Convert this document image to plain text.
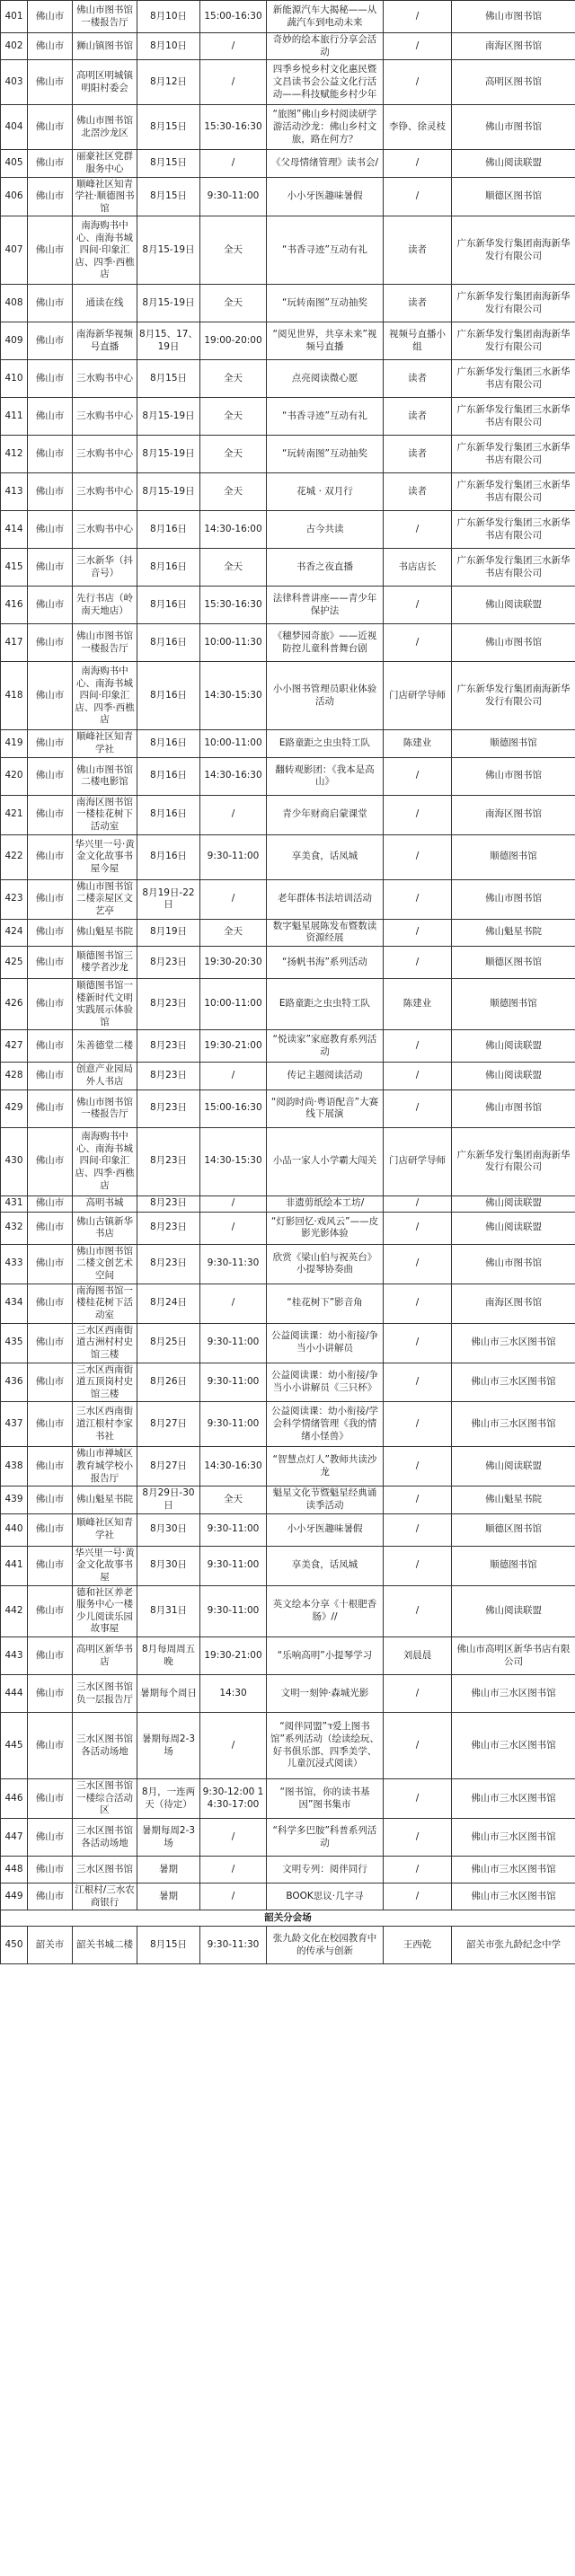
401	佛山市	佛山市图书馆一楼报告厅	8月10日	15:00-16:30	新能源汽车大揭秘——从蔬汽车到电动未来	/	佛山市图书馆
402	佛山市	狮山镇图书馆	8月10日	/	奇妙的绘本旅行分享会活动	/	南海区图书馆
403	佛山市	高明区明城镇明阳村委会	8月12日	/	四季乡悦乡村文化惠民暨文昌读书会公益文化行活动——科技赋能乡村少年	/	高明区图书馆
404	佛山市	佛山市图书馆北滘沙龙区	8月15日	15:30-16:30	“旅图”佛山乡村阅读研学游活动沙龙：佛山乡村文旅，路在何方？	李铮、徐灵枝	佛山市图书馆
405	佛山市	丽豪社区党群服务中心	8月15日	/	《父母情绪管理》读书会/	/	佛山阅读联盟
406	佛山市	顺峰社区知青学社·顺德图书馆	8月15日	9:30-11:00	小小牙医趣味暑假	/	顺德区图书馆
407	佛山市	南海购书中心、南海书城四间·印象汇店、四季·西樵店	8月15-19日	全天	“书香寻迹”互动有礼	读者	广东新华发行集团南海新华发行有限公司
408	佛山市	通读在线	8月15-19日	全天	“玩转南图”互动抽奖	读者	广东新华发行集团南海新华发行有限公司
409	佛山市	南海新华视频号直播	8月15、17、19日	19:00-20:00	“阅见世界，共享未来”视频号直播	视频号直播小组	广东新华发行集团南海新华发行有限公司
410	佛山市	三水购书中心	8月15日	全天	点亮阅读微心愿	读者	广东新华发行集团三水新华书店有限公司
411	佛山市	三水购书中心	8月15-19日	全天	“书香寻迹”互动有礼	读者	广东新华发行集团三水新华书店有限公司
412	佛山市	三水购书中心	8月15-19日	全天	“玩转南图”互动抽奖	读者	广东新华发行集团三水新华书店有限公司
413	佛山市	三水购书中心	8月15-19日	全天	花城 · 双月行	读者	广东新华发行集团三水新华书店有限公司
414	佛山市	三水购书中心	8月16日	14:30-16:00	古今共读	/	广东新华发行集团三水新华书店有限公司
415	佛山市	三水新华（抖音号）	8月16日	全天	书香之夜直播	书店店长	广东新华发行集团三水新华书店有限公司
416	佛山市	先行书店（岭南天地店）	8月16日	15:30-16:30	法律科普讲座——青少年保护法	/	佛山阅读联盟
417	佛山市	佛山市图书馆一楼报告厅	8月16日	10:00-11:30	《穗梦园奇旅》——近视防控儿童科普舞台剧	/	佛山市图书馆
418	佛山市	南海购书中心、南海书城四间·印象汇店、四季·西樵店	8月16日	14:30-15:30	小小图书管理员职业体验活动	门店研学导师	广东新华发行集团南海新华发行有限公司
419	佛山市	顺峰社区知青学社	8月16日	10:00-11:00	E路童距之虫虫特工队	陈建业	顺德图书馆
420	佛山市	佛山市图书馆二楼电影馆	8月16日	14:30-16:30	翻转观影团：《我本是高山》	/	佛山市图书馆
421	佛山市	南海区图书馆一楼桂花树下活动室	8月16日	/	青少年财商启蒙课堂	/	南海区图书馆
422	佛山市	华兴里一号·黄金文化故事书屋今屋	8月16日	9:30-11:00	享美食，话凤城	/	顺德图书馆
423	佛山市	佛山市图书馆二楼亲屋区文艺亭	8月19日-22日	/	老年群体书法培训活动	/	佛山市图书馆
424	佛山市	佛山魁星书院	8月19日	全天	数字魁星展陈发布暨数读资源经展	/	佛山魁星书院
425	佛山市	顺德图书馆三楼学者沙龙	8月23日	19:30-20:30	“扬帆书海”系列活动	/	顺德区图书馆
426	佛山市	顺德图书馆一楼新时代文明实践展示体验馆	8月23日	10:00-11:00	E路童距之虫虫特工队	陈建业	顺德图书馆
427	佛山市	朱善德堂二楼	8月23日	19:30-21:00	“悦读家”家庭教育系列活动	/	佛山阅读联盟
428	佛山市	创意产业园局外人书店	8月23日	/	传记主题阅读活动	/	佛山阅读联盟
429	佛山市	佛山市图书馆一楼报告厅	8月23日	15:00-16:30	“阅韵时尚·粤语配音”大赛线下展演	/	佛山市图书馆
430	佛山市	南海购书中心、南海书城四间·印象汇店、四季·西樵店	8月23日	14:30-15:30	小品一家人小学霸大闯关	门店研学导师	广东新华发行集团南海新华发行有限公司
431	佛山市	高明书城	8月23日	/	非遗剪纸绘本工坊/	/	佛山阅读联盟
432	佛山市	佛山古镇新华书店	8月23日	/	“灯影回忆·戏风云”——皮影光影体验	/	佛山阅读联盟
433	佛山市	佛山市图书馆二楼文创艺术空间	8月23日	9:30-11:30	欣赏《梁山伯与祝英台》小提琴协奏曲	/	佛山市图书馆
434	佛山市	南海图书馆一楼桂花树下活动室	8月24日	/	“桂花树下”影音角	/	南海区图书馆
435	佛山市	三水区西南街道古洲村村史馆三楼	8月25日	9:30-11:00	公益阅读课：幼小衔接/争当小小讲解员	/	佛山市三水区图书馆
436	佛山市	三水区西南街道五顶岗村史馆三楼	8月26日	9:30-11:00	公益阅读课：幼小衔接/争当小小讲解员《三只杯》	/	佛山市三水区图书馆
437	佛山市	三水区西南街道江根村李家书社	8月27日	9:30-11:00	公益阅读课：幼小衔接/学会科学情绪管理《我的情绪小怪兽》	/	佛山市三水区图书馆
438	佛山市	佛山市禅城区教育城学校小报告厅	8月27日	14:30-16:30	“智慧点灯人”教师共读沙龙	/	佛山阅读联盟
439	佛山市	佛山魁星书院	8月29日-30日	全天	魁星文化节暨魁星经典诵读季活动	/	佛山魁星书院
440	佛山市	顺峰社区知青学社	8月30日	9:30-11:00	小小牙医趣味暑假	/	顺德区图书馆
441	佛山市	华兴里一号·黄金文化故事书屋	8月30日	9:30-11:00	享美食，话凤城	/	顺德图书馆
442	佛山市	德和社区养老服务中心一楼少儿阅读乐园故事屋	8月31日	9:30-11:00	英文绘本分享《十根肥香肠》//	/	佛山阅读联盟
443	佛山市	高明区新华书店	8月每周周五晚	19:30-21:00	“乐响高明”小提琴学习	刘晨晨	佛山市高明区新华书店有限公司
444	佛山市	三水区图书馆负一层报告厅	暑期每个周日	14:30	文明一刻钟·森城光影	/	佛山市三水区图书馆
445	佛山市	三水区图书馆各活动场地	暑期每周2-3场	/	“阅伴同盟”ד爱上图书馆”系列活动（绘读绘玩、好书俱乐部、四季美学、儿童沉浸式阅读）	/	佛山市三水区图书馆
446	佛山市	三水区图书馆一楼综合活动区	8月，一连两天（待定）	9:30-12:00 14:30-17:00	“图书馆，你的读书基因”图书集市	/	佛山市三水区图书馆
447	佛山市	三水区图书馆各活动场地	暑期每周2-3场	/	“科学多巴胺”科普系列活动	/	佛山市三水区图书馆
448	佛山市	三水区图书馆	暑期	/	文明专列：阅伴同行	/	佛山市三水区图书馆
449	佛山市	江根村/三水农商银行	暑期	/	BOOK思议·几字寻	/	佛山市三水区图书馆
韶关分会场							
450	韶关市	韶关书城二楼	8月15日	9:30-11:30	张九龄文化在校园教育中的传承与创新	王西乾	韶关市张九龄纪念中学
